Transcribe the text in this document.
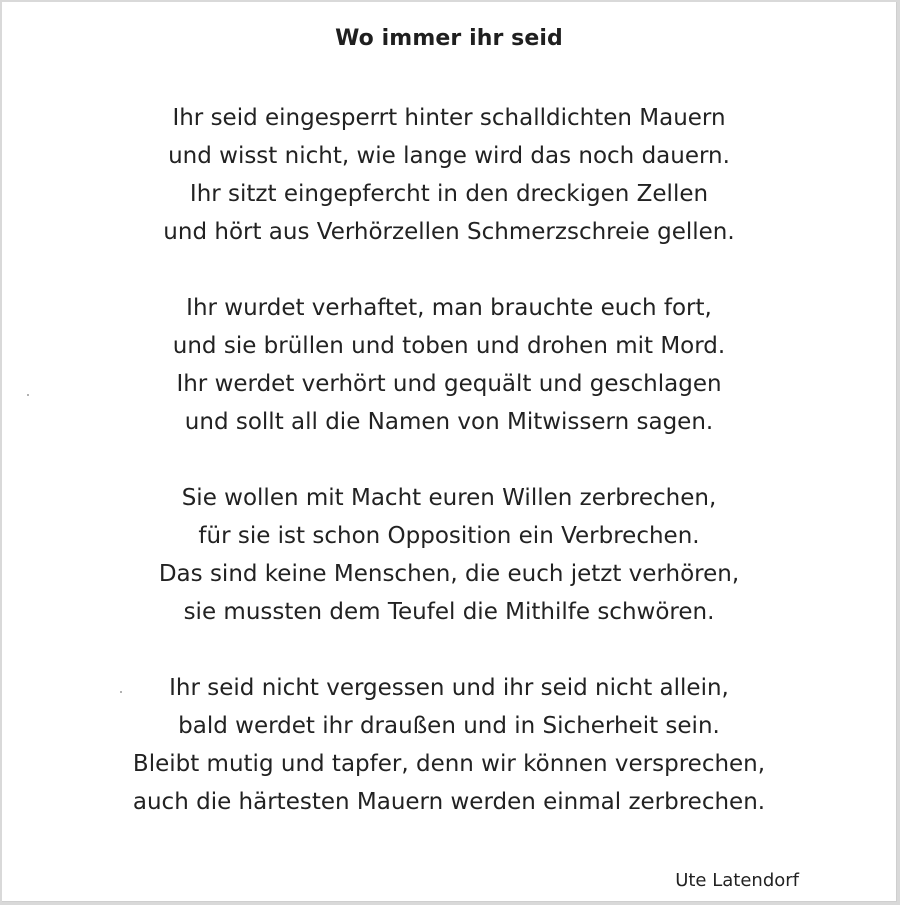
Wo immer ihr seid
Ihr seid eingesperrt hinter schalldichten Mauern
und wisst nicht, wie lange wird das noch dauern.
Ihr sitzt eingepfercht in den dreckigen Zellen
und hört aus Verhörzellen Schmerzschreie gellen.
Ihr wurdet verhaftet, man brauchte euch fort,
und sie brüllen und toben und drohen mit Mord.
Ihr werdet verhört und gequält und geschlagen
und sollt all die Namen von Mitwissern sagen.
Sie wollen mit Macht euren Willen zerbrechen,
für sie ist schon Opposition ein Verbrechen.
Das sind keine Menschen, die euch jetzt verhören,
sie mussten dem Teufel die Mithilfe schwören.
Ihr seid nicht vergessen und ihr seid nicht allein,
bald werdet ihr draußen und in Sicherheit sein.
Bleibt mutig und tapfer, denn wir können versprechen,
auch die härtesten Mauern werden einmal zerbrechen.
Ute Latendorf
